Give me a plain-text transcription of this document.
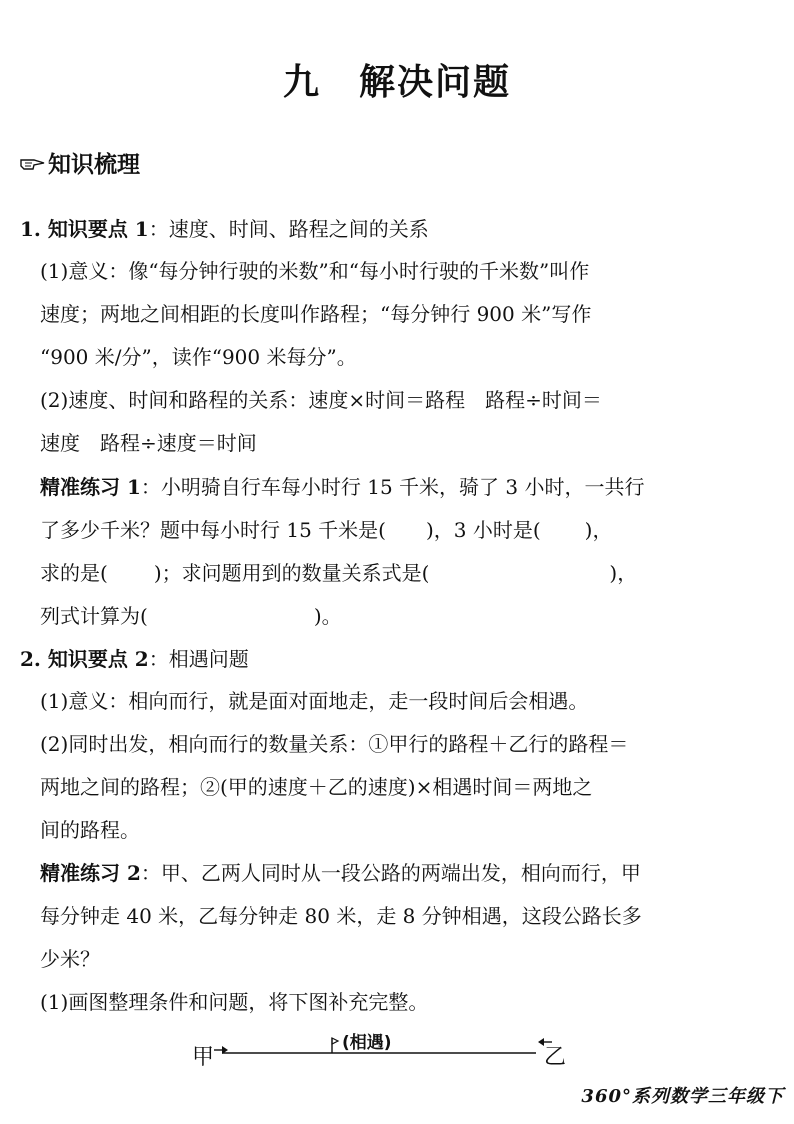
九 解决问题
知识梳理
1. 知识要点 1：速度、时间、路程之间的关系
(1)意义：像“每分钟行驶的米数”和“每小时行驶的千米数”叫作
速度；两地之间相距的长度叫作路程；“每分钟行 900 米”写作
“900 米/分”，读作“900 米每分”。
(2)速度、时间和路程的关系：速度×时间＝路程　路程÷时间＝
速度　路程÷速度＝时间
精准练习 1：小明骑自行车每小时行 15 千米，骑了 3 小时，一共行
了多少千米？题中每小时行 15 千米是( )，3 小时是( )，
求的是( )；求问题用到的数量关系式是(	)，
列式计算为(	)。
2. 知识要点 2：相遇问题
(1)意义：相向而行，就是面对面地走，走一段时间后会相遇。
(2)同时出发，相向而行的数量关系：①甲行的路程＋乙行的路程＝
两地之间的路程；②(甲的速度＋乙的速度)×相遇时间＝两地之
间的路程。
精准练习 2：甲、乙两人同时从一段公路的两端出发，相向而行，甲
每分钟走 40 米，乙每分钟走 80 米，走 8 分钟相遇，这段公路长多
少米？
(1)画图整理条件和问题，将下图补充完整。
甲
(相遇)
乙
360°系列数学三年级下
